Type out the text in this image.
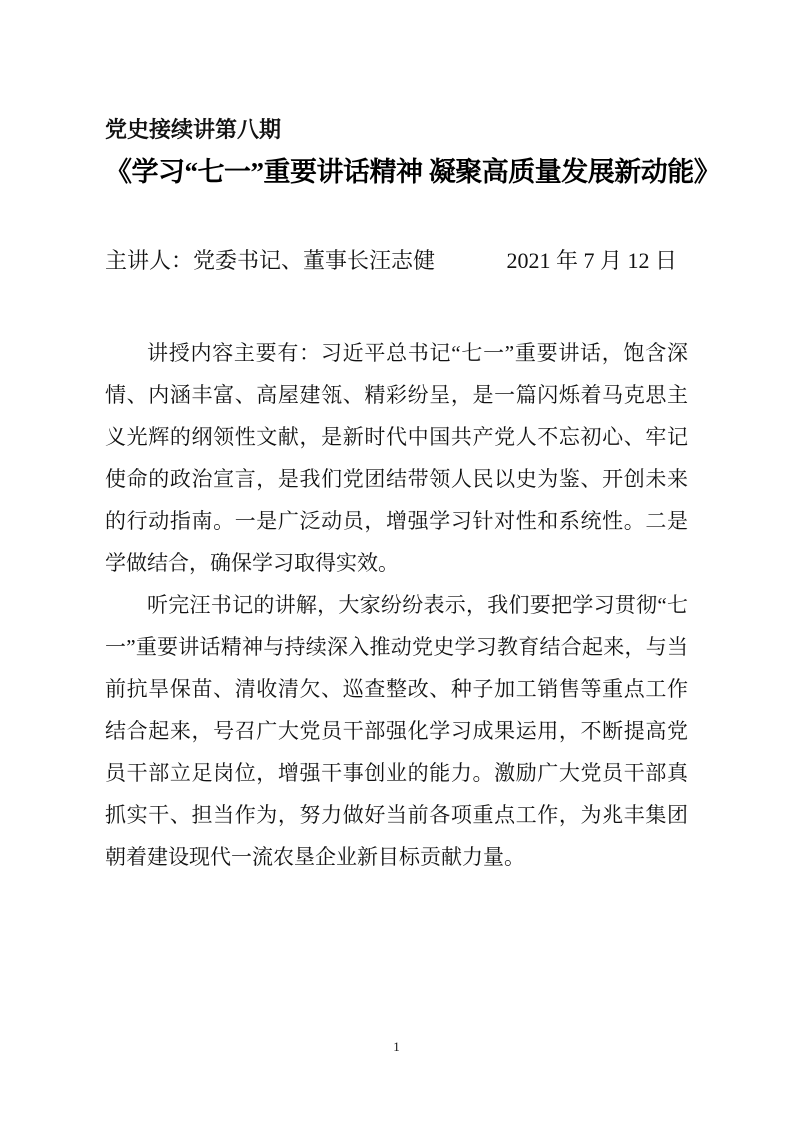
党史接续讲第八期
《学习“七一”重要讲话精神 凝聚高质量发展新动能》
主讲人：党委书记、董事长汪志健	2021 年 7 月 12 日

讲授内容主要有：习近平总书记“七一”重要讲话，饱含深情、内涵丰富、高屋建瓴、精彩纷呈，是一篇闪烁着马克思主义光辉的纲领性文献，是新时代中国共产党人不忘初心、牢记使命的政治宣言，是我们党团结带领人民以史为鉴、开创未来的行动指南。一是广泛动员，增强学习针对性和系统性。二是学做结合，确保学习取得实效。

听完汪书记的讲解，大家纷纷表示，我们要把学习贯彻“七一”重要讲话精神与持续深入推动党史学习教育结合起来，与当前抗旱保苗、清收清欠、巡查整改、种子加工销售等重点工作结合起来，号召广大党员干部强化学习成果运用，不断提高党员干部立足岗位，增强干事创业的能力。激励广大党员干部真抓实干、担当作为，努力做好当前各项重点工作，为兆丰集团朝着建设现代一流农垦企业新目标贡献力量。

1
